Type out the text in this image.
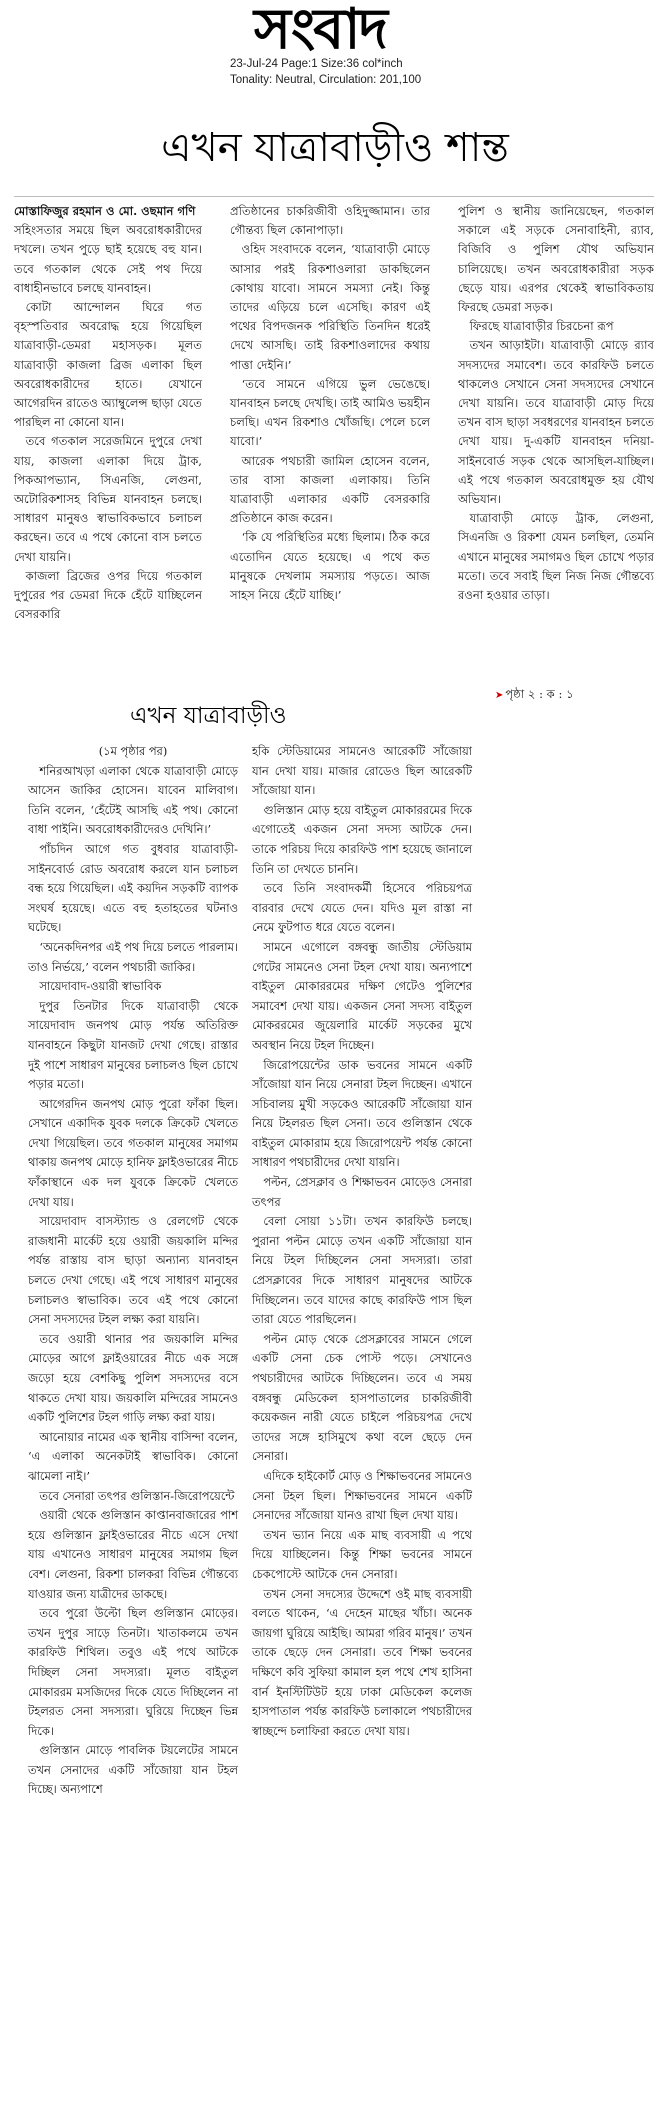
সংবাদ
23-Jul-24 Page:1 Size:36 col*inch
Tonality: Neutral, Circulation: 201,100
এখন যাত্রাবাড়ীও শান্ত

মোস্তাফিজুর রহমান ও মো. ওছমান গণি

সহিংসতার সময়ে ছিল অবরোধকারীদের দখলে। তখন পুড়ে ছাই হয়েছে বহু যান। তবে গতকাল থেকে সেই পথ দিয়ে বাধাহীনভাবে চলছে যানবাহন।

কোটা আন্দোলন ঘিরে গত বৃহস্পতিবার অবরোদ্ধ হয়ে গিয়েছিল যাত্রাবাড়ী-ডেমরা মহাসড়ক। মূলত যাত্রাবাড়ী কাজলা ব্রিজ এলাকা ছিল অবরোধকারীদের হাতে। যেখানে আগেরদিন রাতেও অ্যাম্বুলেন্স ছাড়া যেতে পারছিল না কোনো যান।

তবে গতকাল সরেজমিনে দুপুরে দেখা যায়, কাজলা এলাকা দিয়ে ট্রাক, পিকআপভ্যান, সিএনজি, লেগুনা, অটোরিকশাসহ বিভিন্ন যানবাহন চলছে। সাধারণ মানুষও স্বাভাবিকভাবে চলাচল করছেন। তবে এ পথে কোনো বাস চলতে দেখা যায়নি।

কাজলা ব্রিজের ওপর দিয়ে গতকাল দুপুরের পর ডেমরা দিকে হেঁটে যাচ্ছিলেন বেসরকারি

প্রতিষ্ঠানের চাকরিজীবী ওহিদুজ্জামান। তার গৌন্তব্য ছিল কোনাপাড়া।

ওহিদ সংবাদকে বলেন, ‘যাত্রাবাড়ী মোড়ে আসার পরই রিকশাওলারা ডাকছিলেন কোথায় যাবো। সামনে সমস্যা নেই। কিন্তু তাদের এড়িয়ে চলে এসেছি। কারণ এই পথের বিপদজনক পরিস্থিতি তিনদিন ধরেই দেখে আসছি। তাই রিকশাওলাদের কথায় পাত্তা দেইনি।’

‘তবে সামনে এগিয়ে ভুল ভেঙেছে। যানবাহন চলছে দেখছি। তাই আমিও ভয়হীন চলছি। এখন রিকশাও খোঁজছি। পেলে চলে যাবো।’

আরেক পথচারী জামিল হোসেন বলেন, তার বাসা কাজলা এলাকায়। তিনি যাত্রাবাড়ী এলাকার একটি বেসরকারি প্রতিষ্ঠানে কাজ করেন।

‘কি যে পরিস্থিতির মধ্যে ছিলাম। ঠিক করে এতোদিন যেতে হয়েছে। এ পথে কত মানুষকে দেখলাম সমস্যায় পড়তে। আজ সাহস নিয়ে হেঁটে যাচ্ছি।’

পুলিশ ও স্থানীয় জানিয়েছেন, গতকাল সকালে এই সড়কে সেনাবাহিনী, র‍্যাব, বিজিবি ও পুলিশ যৌথ অভিযান চালিয়েছে। তখন অবরোধকারীরা সড়ক ছেড়ে যায়। এরপর থেকেই স্বাভাবিকতায় ফিরছে ডেমরা সড়ক।

ফিরছে যাত্রাবাড়ীর চিরচেনা রূপ

তখন আড়াইটা। যাত্রাবাড়ী মোড়ে র‍্যাব সদস্যদের সমাবেশ। তবে কারফিউ চলতে থাকলেও সেখানে সেনা সদস্যদের সেখানে দেখা যায়নি। তবে যাত্রাবাড়ী মোড় দিয়ে তখন বাস ছাড়া সবধরণের যানবাহন চলতে দেখা যায়। দু-একটি যানবাহন দনিয়া-সাইনবোর্ড সড়ক থেকে আসছিল-যাচ্ছিল। এই পথে গতকাল অবরোধমুক্ত হয় যৌথ অভিযান।

যাত্রাবাড়ী মোড়ে ট্রাক, লেগুনা, সিএনজি ও রিকশা যেমন চলছিল, তেমনি এখানে মানুষের সমাগমও ছিল চোখে পড়ার মতো। তবে সবাই ছিল নিজ নিজ গৌন্তব্যে রওনা হওয়ার তাড়া।

➤ পৃষ্ঠা ২ : ক : ১
এখন যাত্রাবাড়ীও

(১ম পৃষ্ঠার পর)

শনিরআখড়া এলাকা থেকে যাত্রাবাড়ী মোড়ে আসেন জাকির হোসেন। যাবেন মালিবাগ। তিনি বলেন, ‘হেঁটেই আসছি এই পথ। কোনো বাধা পাইনি। অবরোধকারীদেরও দেখিনি।’

পাঁচদিন আগে গত বুধবার যাত্রাবাড়ী-সাইনবোর্ড রোড অবরোধ করলে যান চলাচল বন্ধ হয়ে গিয়েছিল। এই কয়দিন সড়কটি ব্যাপক সংঘর্ষ হয়েছে। এতে বহু হতাহতের ঘটনাও ঘটেছে।

‘অনেকদিনপর এই পথ দিয়ে চলতে পারলাম। তাও নির্ভয়ে,’ বলেন পথচারী জাকির।

সায়েদাবাদ-ওয়ারী স্বাভাবিক

দুপুর তিনটার দিকে যাত্রাবাড়ী থেকে সায়েদাবাদ জনপথ মোড় পর্যন্ত অতিরিক্ত যানবাহনে কিছুটা যানজট দেখা গেছে। রাস্তার দুই পাশে সাধারণ মানুষের চলাচলও ছিল চোখে পড়ার মতো।

আগেরদিন জনপথ মোড় পুরো ফাঁকা ছিল। সেখানে একাদিক যুবক দলকে ক্রিকেট খেলতে দেখা গিয়েছিল। তবে গতকাল মানুষের সমাগম থাকায় জনপথ মোড়ে হানিফ ফ্লাইওভারের নীচে ফাঁকাস্থানে এক দল যুবকে ক্রিকেট খেলতে দেখা যায়।

সায়েদাবাদ বাসস্ট্যান্ড ও রেলগেট থেকে রাজধানী মার্কেট হয়ে ওয়ারী জয়কালি মন্দির পর্যন্ত রাস্তায় বাস ছাড়া অন্যান্য যানবাহন চলতে দেখা গেছে। এই পথে সাধারণ মানুষের চলাচলও স্বাভাবিক। তবে এই পথে কোনো সেনা সদস্যদের টহল লক্ষ্য করা যায়নি।

তবে ওয়ারী থানার পর জয়কালি মন্দির মোড়ের আগে ফ্লাইওয়ারের নীচে এক সঙ্গে জড়ো হয়ে বেশকিছু পুলিশ সদস্যদের বসে থাকতে দেখা যায়। জয়কালি মন্দিরের সামনেও একটি পুলিশের টহল গাড়ি লক্ষ্য করা যায়।

আনোয়ার নামের এক স্থানীয় বাসিন্দা বলেন, ‘এ এলাকা অনেকটাই স্বাভাবিক। কোনো ঝামেলা নাই।’

তবে সেনারা তৎপর গুলিস্তান-জিরোপয়েন্টে

ওয়ারী থেকে গুলিস্তান কাপ্তানবাজারের পাশ হয়ে গুলিস্তান ফ্লাইওভারের নীচে এসে দেখা যায় এখানেও সাধারণ মানুষের সমাগম ছিল বেশ। লেগুনা, রিকশা চালকরা বিভিন্ন গৌন্তব্যে যাওয়ার জন্য যাত্রীদের ডাকছে।

তবে পুরো উল্টো ছিল গুলিস্তান মোড়ের। তখন দুপুর সাড়ে তিনটা। খাতাকলমে তখন কারফিউ শিথিল। তবুও এই পথে আটকে দিচ্ছিল সেনা সদস্যরা। মূলত বাইতুল মোকাররম মসজিদের দিকে যেতে দিচ্ছিলেন না টহলরত সেনা সদস্যরা। ঘুরিয়ে দিচ্ছেন ভিন্ন দিকে।

গুলিস্তান মোড়ে পাবলিক টয়লেটের সামনে তখন সেনাদের একটি সাঁজোয়া যান টহল দিচ্ছে। অন্যপাশে

হকি স্টেডিয়ামের সামনেও আরেকটি সাঁজোয়া যান দেখা যায়। মাজার রোডেও ছিল আরেকটি সাঁজোয়া যান।

গুলিস্তান মোড় হয়ে বাইতুল মোকাররমের দিকে এগোতেই একজন সেনা সদস্য আটকে দেন। তাকে পরিচয় দিয়ে কারফিউ পাশ হয়েছে জানালে তিনি তা দেখতে চাননি।

তবে তিনি সংবাদকর্মী হিসেবে পরিচয়পত্র বারবার দেখে যেতে দেন। যদিও মূল রাস্তা না নেমে ফুটপাত ধরে যেতে বলেন।

সামনে এগোলে বঙ্গবন্ধু জাতীয় স্টেডিয়াম গেটের সামনেও সেনা টহল দেখা যায়। অন্যপাশে বাইতুল মোকাররমের দক্ষিণ গেটেও পুলিশের সমাবেশ দেখা যায়। একজন সেনা সদস্য বাইতুল মোকররমের জুয়েলারি মার্কেট সড়কের মুখে অবস্থান নিয়ে টহল দিচ্ছেন।

জিরোপয়েন্টের ডাক ভবনের সামনে একটি সাঁজোয়া যান নিয়ে সেনারা টহল দিচ্ছেন। এখানে সচিবালয় মুখী সড়কেও আরেকটি সাঁজোয়া যান নিয়ে টহলরত ছিল সেনা। তবে গুলিস্তান থেকে বাইতুল মোকারাম হয়ে জিরোপয়েন্ট পর্যন্ত কোনো সাধারণ পথচারীদের দেখা যায়নি।

পল্টন, প্রেসক্লাব ও শিক্ষাভবন মোড়েও সেনারা তৎপর

বেলা সোয়া ১১টা। তখন কারফিউ চলছে। পুরানা পল্টন মোড়ে তখন একটি সাঁজোয়া যান নিয়ে টহল দিচ্ছিলেন সেনা সদস্যরা। তারা প্রেসক্লাবের দিকে সাধারণ মানুষদের আটকে দিচ্ছিলেন। তবে যাদের কাছে কারফিউ পাস ছিল তারা যেতে পারছিলেন।

পল্টন মোড় থেকে প্রেসক্লাবের সামনে গেলে একটি সেনা চেক পোস্ট পড়ে। সেখানেও পথচারীদের আটকে দিচ্ছিলেন। তবে এ সময় বঙ্গবন্ধু মেডিকেল হাসপাতালের চাকরিজীবী কয়েকজন নারী যেতে চাইলে পরিচয়পত্র দেখে তাদের সঙ্গে হাসিমুখে কথা বলে ছেড়ে দেন সেনারা।

এদিকে হাইকোর্ট মোড় ও শিক্ষাভবনের সামনেও সেনা টহল ছিল। শিক্ষাভবনের সামনে একটি সেনাদের সাঁজোয়া যানও রাখা ছিল দেখা যায়।

তখন ভ্যান নিয়ে এক মাছ ব্যবসায়ী এ পথে দিয়ে যাচ্ছিলেন। কিন্তু শিক্ষা ভবনের সামনে চেকপোস্টে আটকে দেন সেনারা।

তখন সেনা সদস্যের উদ্দেশে ওই মাছ ব্যবসায়ী বলতে থাকেন, ‘এ দেহেন মাছের খাঁচা। অনেক জায়গা ঘুরিয়ে আইছি। আমরা গরিব মানুষ।’ তখন তাকে ছেড়ে দেন সেনারা। তবে শিক্ষা ভবনের দক্ষিণে কবি সুফিয়া কামাল হল পথে শেখ হাসিনা বার্ন ইনস্টিটিউট হয়ে ঢাকা মেডিকেল কলেজ হাসপাতাল পর্যন্ত কারফিউ চলাকালে পথচারীদের স্বাচ্ছন্দে চলাফিরা করতে দেখা যায়।
